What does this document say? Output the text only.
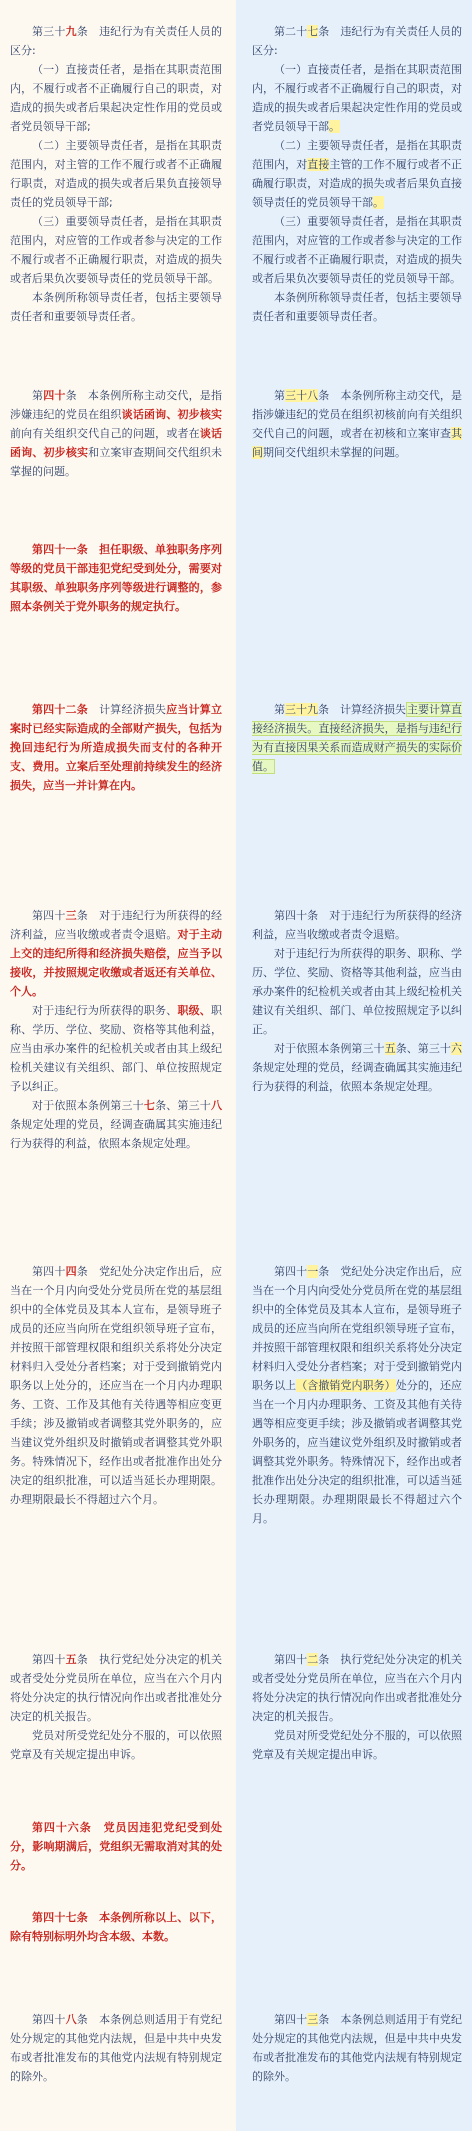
第三十九条　违纪行为有关责任人员的区分:

（一）直接责任者，是指在其职责范围内，不履行或者不正确履行自己的职责，对造成的损失或者后果起决定性作用的党员或者党员领导干部;

（二）主要领导责任者，是指在其职责范围内，对主管的工作不履行或者不正确履行职责，对造成的损失或者后果负直接领导责任的党员领导干部;

（三）重要领导责任者，是指在其职责范围内，对应管的工作或者参与决定的工作不履行或者不正确履行职责，对造成的损失或者后果负次要领导责任的党员领导干部。

本条例所称领导责任者，包括主要领导责任者和重要领导责任者。

第四十条　本条例所称主动交代，是指涉嫌违纪的党员在组织谈话函询、初步核实前向有关组织交代自己的问题，或者在谈话函询、初步核实和立案审查期间交代组织未掌握的问题。

第四十一条　担任职级、单独职务序列等级的党员干部违犯党纪受到处分，需要对其职级、单独职务序列等级进行调整的，参照本条例关于党外职务的规定执行。

第四十二条　计算经济损失应当计算立案时已经实际造成的全部财产损失，包括为挽回违纪行为所造成损失而支付的各种开支、费用。立案后至处理前持续发生的经济损失，应当一并计算在内。

第四十三条　对于违纪行为所获得的经济利益，应当收缴或者责令退赔。对于主动上交的违纪所得和经济损失赔偿，应当予以接收，并按照规定收缴或者返还有关单位、个人。

对于违纪行为所获得的职务、职级、职称、学历、学位、奖励、资格等其他利益，应当由承办案件的纪检机关或者由其上级纪检机关建议有关组织、部门、单位按照规定予以纠正。

对于依照本条例第三十七条、第三十八条规定处理的党员，经调查确属其实施违纪行为获得的利益，依照本条规定处理。

第四十四条　党纪处分决定作出后，应当在一个月内向受处分党员所在党的基层组织中的全体党员及其本人宣布，是领导班子成员的还应当向所在党组织领导班子宣布，并按照干部管理权限和组织关系将处分决定材料归入受处分者档案；对于受到撤销党内职务以上处分的，还应当在一个月内办理职务、工资、工作及其他有关待遇等相应变更手续；涉及撤销或者调整其党外职务的，应当建议党外组织及时撤销或者调整其党外职务。特殊情况下，经作出或者批准作出处分决定的组织批准，可以适当延长办理期限。办理期限最长不得超过六个月。

第四十五条　执行党纪处分决定的机关或者受处分党员所在单位，应当在六个月内将处分决定的执行情况向作出或者批准处分决定的机关报告。

党员对所受党纪处分不服的，可以依照党章及有关规定提出申诉。

第四十六条　党员因违犯党纪受到处分，影响期满后，党组织无需取消对其的处分。

第四十七条　本条例所称以上、以下，除有特别标明外均含本级、本数。

第四十八条　本条例总则适用于有党纪处分规定的其他党内法规，但是中共中央发布或者批准发布的其他党内法规有特别规定的除外。

第二十七条　违纪行为有关责任人员的区分:

（一）直接责任者，是指在其职责范围内，不履行或者不正确履行自己的职责，对造成的损失或者后果起决定性作用的党员或者党员领导干部。

（二）主要领导责任者，是指在其职责范围内，对直接主管的工作不履行或者不正确履行职责，对造成的损失或者后果负直接领导责任的党员领导干部。

（三）重要领导责任者，是指在其职责范围内，对应管的工作或者参与决定的工作不履行或者不正确履行职责，对造成的损失或者后果负次要领导责任的党员领导干部。

本条例所称领导责任者，包括主要领导责任者和重要领导责任者。

第三十八条　本条例所称主动交代，是指涉嫌违纪的党员在组织初核前向有关组织交代自己的问题，或者在初核和立案审查其间期间交代组织未掌握的问题。

第三十九条　计算经济损失主要计算直接经济损失。直接经济损失，是指与违纪行为有直接因果关系而造成财产损失的实际价值。

第四十条　对于违纪行为所获得的经济利益，应当收缴或者责令退赔。

对于违纪行为所获得的职务、职称、学历、学位、奖励、资格等其他利益，应当由承办案件的纪检机关或者由其上级纪检机关建议有关组织、部门、单位按照规定予以纠正。

对于依照本条例第三十五条、第三十六条规定处理的党员，经调查确属其实施违纪行为获得的利益，依照本条规定处理。

第四十一条　党纪处分决定作出后，应当在一个月内向受处分党员所在党的基层组织中的全体党员及其本人宣布，是领导班子成员的还应当向所在党组织领导班子宣布，并按照干部管理权限和组织关系将处分决定材料归入受处分者档案；对于受到撤销党内职务以上（含撤销党内职务）处分的，还应当在一个月内办理职务、工资及其他有关待遇等相应变更手续；涉及撤销或者调整其党外职务的，应当建议党外组织及时撤销或者调整其党外职务。特殊情况下，经作出或者批准作出处分决定的组织批准，可以适当延长办理期限。办理期限最长不得超过六个月。

第四十二条　执行党纪处分决定的机关或者受处分党员所在单位，应当在六个月内将处分决定的执行情况向作出或者批准处分决定的机关报告。

党员对所受党纪处分不服的，可以依照党章及有关规定提出申诉。

第四十三条　本条例总则适用于有党纪处分规定的其他党内法规，但是中共中央发布或者批准发布的其他党内法规有特别规定的除外。
